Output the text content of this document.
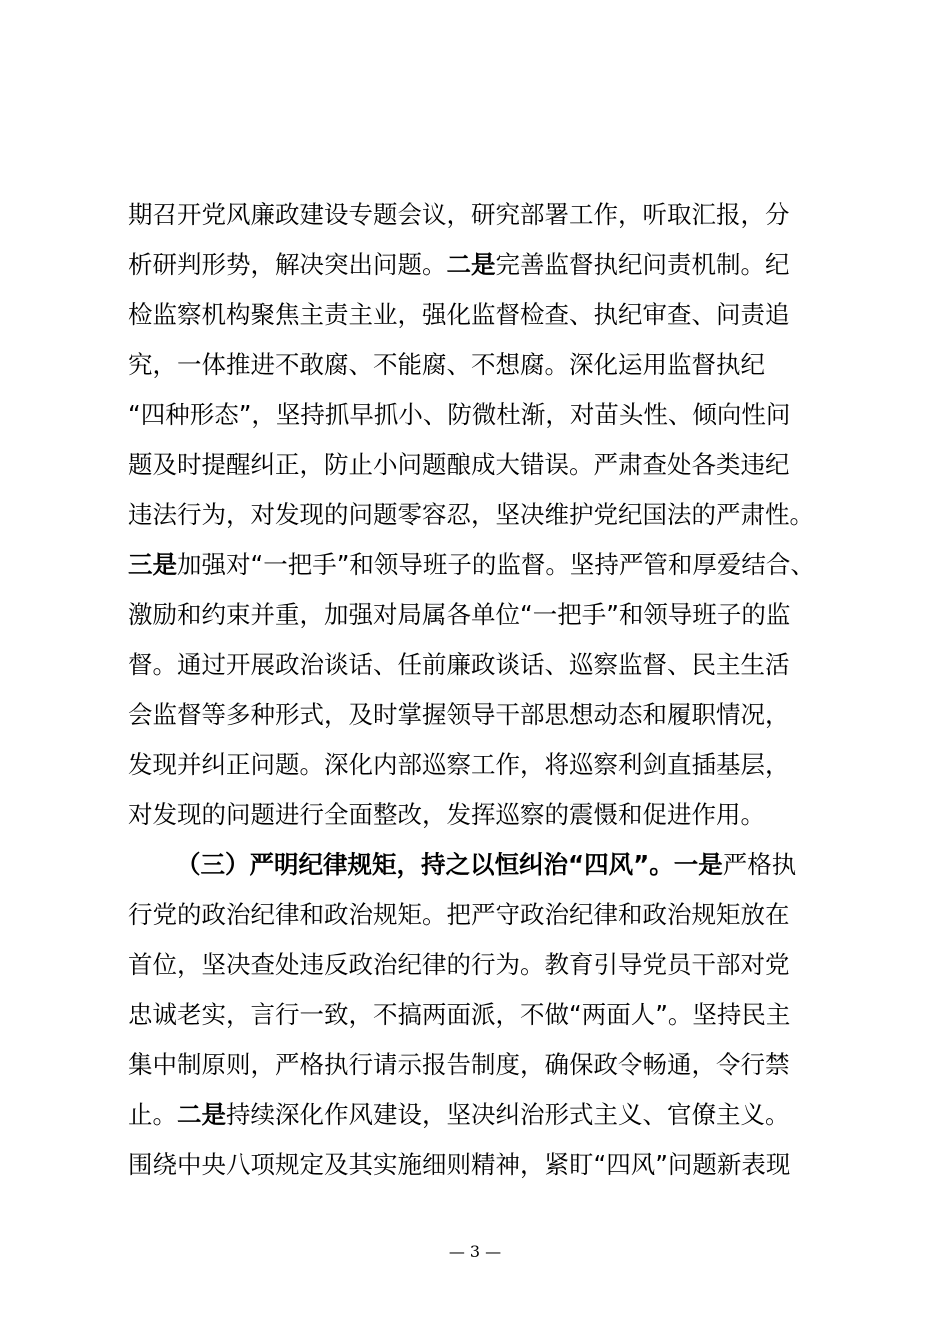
期召开党风廉政建设专题会议，研究部署工作，听取汇报，分
析研判形势，解决突出问题。二是完善监督执纪问责机制。纪
检监察机构聚焦主责主业，强化监督检查、执纪审查、问责追
究，一体推进不敢腐、不能腐、不想腐。深化运用监督执纪
“四种形态”，坚持抓早抓小、防微杜渐，对苗头性、倾向性问
题及时提醒纠正，防止小问题酿成大错误。严肃查处各类违纪
违法行为，对发现的问题零容忍，坚决维护党纪国法的严肃性。
三是加强对“一把手”和领导班子的监督。坚持严管和厚爱结合、
激励和约束并重，加强对局属各单位“一把手”和领导班子的监
督。通过开展政治谈话、任前廉政谈话、巡察监督、民主生活
会监督等多种形式，及时掌握领导干部思想动态和履职情况，
发现并纠正问题。深化内部巡察工作，将巡察利剑直插基层，
对发现的问题进行全面整改，发挥巡察的震慑和促进作用。
（三）严明纪律规矩，持之以恒纠治“四风”。一是严格执
行党的政治纪律和政治规矩。把严守政治纪律和政治规矩放在
首位，坚决查处违反政治纪律的行为。教育引导党员干部对党
忠诚老实，言行一致，不搞两面派，不做“两面人”。坚持民主
集中制原则，严格执行请示报告制度，确保政令畅通，令行禁
止。二是持续深化作风建设，坚决纠治形式主义、官僚主义。
围绕中央八项规定及其实施细则精神，紧盯“四风”问题新表现
— 3 —
